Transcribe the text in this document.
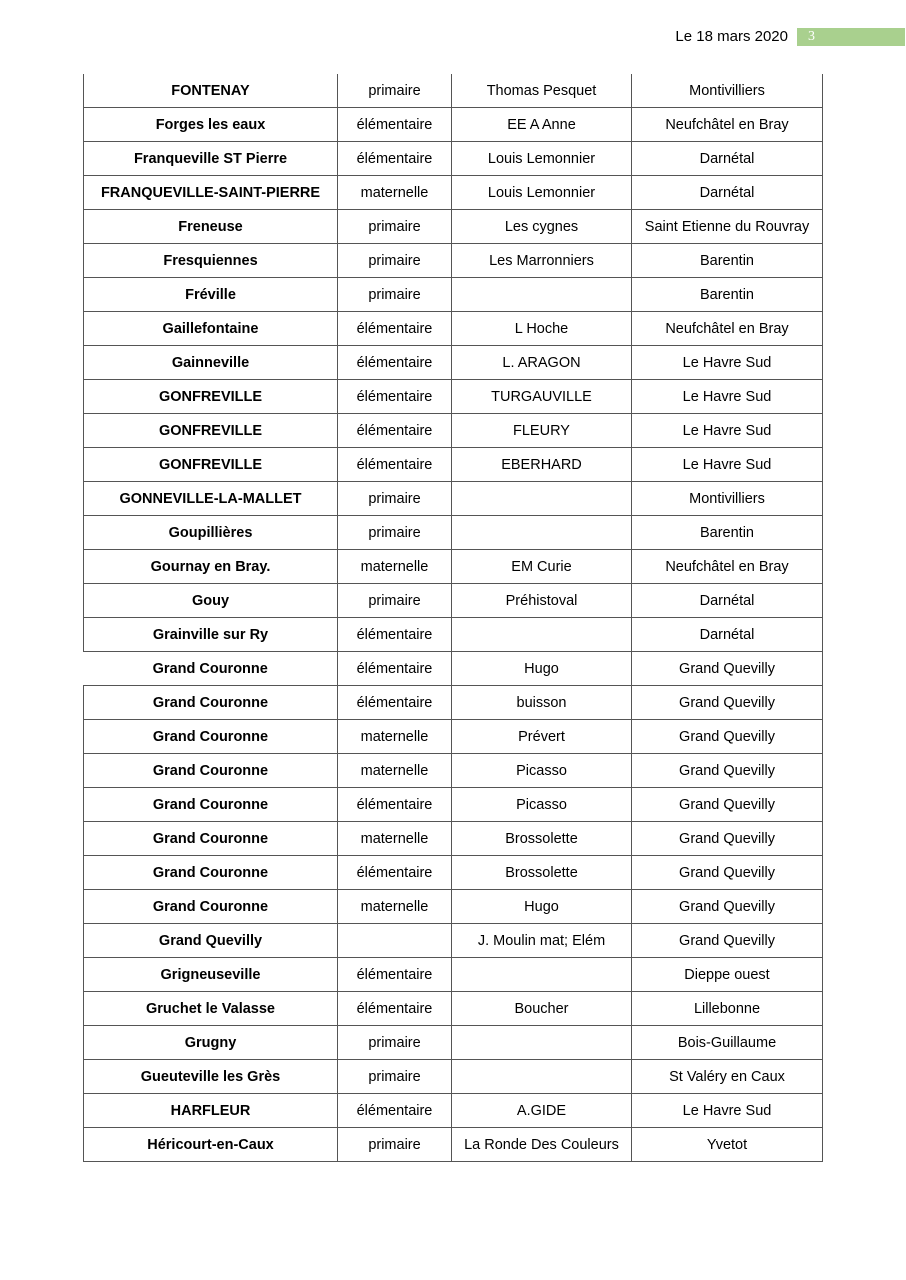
Le 18 mars 2020	3
FONTENAY	primaire	Thomas Pesquet	Montivilliers
Forges les eaux	élémentaire	EE A Anne	Neufchâtel en Bray
Franqueville ST Pierre	élémentaire	Louis Lemonnier	Darnétal
FRANQUEVILLE-SAINT-PIERRE	maternelle	Louis Lemonnier	Darnétal
Freneuse	primaire	Les cygnes	Saint Etienne du Rouvray
Fresquiennes	primaire	Les Marronniers	Barentin
Fréville	primaire		Barentin
Gaillefontaine	élémentaire	L Hoche	Neufchâtel en Bray
Gainneville	élémentaire	L. ARAGON	Le Havre Sud
GONFREVILLE	élémentaire	TURGAUVILLE	Le Havre Sud
GONFREVILLE	élémentaire	FLEURY	Le Havre Sud
GONFREVILLE	élémentaire	EBERHARD	Le Havre Sud
GONNEVILLE-LA-MALLET	primaire		Montivilliers
Goupillières	primaire		Barentin
Gournay en Bray.	maternelle	EM Curie	Neufchâtel en Bray
Gouy	primaire	Préhistoval	Darnétal
Grainville sur Ry	élémentaire		Darnétal
Grand Couronne	élémentaire	Hugo	Grand Quevilly
Grand Couronne	élémentaire	buisson	Grand Quevilly
Grand Couronne	maternelle	Prévert	Grand Quevilly
Grand Couronne	maternelle	Picasso	Grand Quevilly
Grand Couronne	élémentaire	Picasso	Grand Quevilly
Grand Couronne	maternelle	Brossolette	Grand Quevilly
Grand Couronne	élémentaire	Brossolette	Grand Quevilly
Grand Couronne	maternelle	Hugo	Grand Quevilly
Grand Quevilly		J. Moulin mat; Elém	Grand Quevilly
Grigneuseville	élémentaire		Dieppe ouest
Gruchet le Valasse	élémentaire	Boucher	Lillebonne
Grugny	primaire		Bois-Guillaume
Gueuteville les Grès	primaire		St Valéry en Caux
HARFLEUR	élémentaire	A.GIDE	Le Havre Sud
Héricourt-en-Caux	primaire	La Ronde Des Couleurs	Yvetot
